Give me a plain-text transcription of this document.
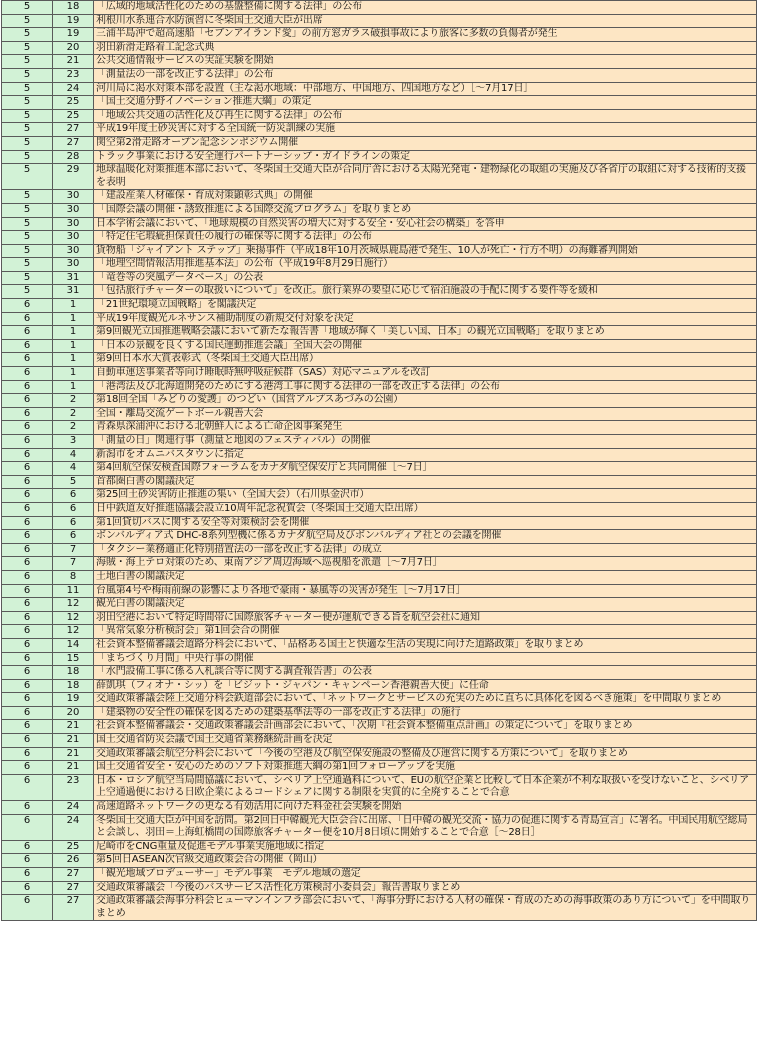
5	18	「広域的地域活性化のための基盤整備に関する法律」の公布
5	19	利根川水系連合水防演習に冬柴国土交通大臣が出席
5	19	三浦半島沖で超高速船「セブンアイランド愛」の前方窓ガラス破損事故により旅客に多数の負傷者が発生
5	20	羽田新滑走路着工記念式典
5	21	公共交通情報サービスの実証実験を開始
5	23	「測量法の一部を改正する法律」の公布
5	24	河川局に渇水対策本部を設置（主な渇水地域：中部地方、中国地方、四国地方など）［～7月17日］
5	25	「国土交通分野イノベーション推進大綱」の策定
5	25	「地域公共交通の活性化及び再生に関する法律」の公布
5	27	平成19年度土砂災害に対する全国統一防災訓練の実施
5	27	関空第2滑走路オープン記念シンポジウム開催
5	28	トラック事業における安全運行パートナーシップ・ガイドラインの策定
5	29	地球温暖化対策推進本部において、冬柴国土交通大臣が合同庁舎における太陽光発電・建物緑化の取組の実施及び各省庁の取組に対する技術的支援を表明
5	30	「建設産業人材確保・育成対策顕彰式典」の開催
5	30	「国際会議の開催・誘致推進による国際交流プログラム」を取りまとめ
5	30	日本学術会議において、「地球規模の自然災害の増大に対する安全・安心社会の構築」を答申
5	30	「特定住宅瑕疵担保責任の履行の確保等に関する法律」の公布
5	30	貨物船「ジャイアント ステップ」乗揚事件（平成18年10月茨城県鹿島港で発生、10人が死亡・行方不明）の海難審判開始
5	30	「地理空間情報活用推進基本法」の公布（平成19年8月29日施行）
5	31	「竜巻等の突風データベース」の公表
5	31	「包括旅行チャーターの取扱いについて」を改正。旅行業界の要望に応じて宿泊施設の手配に関する要件等を緩和
6	1	「21世紀環境立国戦略」を閣議決定
6	1	平成19年度観光ルネサンス補助制度の新規交付対象を決定
6	1	第9回観光立国推進戦略会議において新たな報告書「地域が輝く「美しい国、日本」の観光立国戦略」を取りまとめ
6	1	「日本の景観を良くする国民運動推進会議」全国大会の開催
6	1	第9回日本水大賞表彰式（冬柴国土交通大臣出席）
6	1	自動車運送事業者等向け睡眠時無呼吸症候群（SAS）対応マニュアルを改訂
6	1	「港湾法及び北海道開発のためにする港湾工事に関する法律の一部を改正する法律」の公布
6	2	第18回全国「みどりの愛護」のつどい（国営アルプスあづみの公園）
6	2	全国・離島交流ゲートボール親善大会
6	2	青森県深浦沖における北朝鮮人による亡命企図事案発生
6	3	「測量の日」関連行事（測量と地図のフェスティバル）の開催
6	4	新潟市をオムニバスタウンに指定
6	4	第4回航空保安検査国際フォーラムをカナダ航空保安庁と共同開催［～7日］
6	5	首都圏白書の閣議決定
6	6	第25回土砂災害防止推進の集い（全国大会）（石川県金沢市）
6	6	日中鉄道友好推進協議会設立10周年記念祝賀会（冬柴国土交通大臣出席）
6	6	第1回貸切バスに関する安全等対策検討会を開催
6	6	ボンバルディア式 DHC-8系列型機に係るカナダ航空局及びボンバルディア社との会議を開催
6	7	「タクシー業務適正化特別措置法の一部を改正する法律」の成立
6	7	海賊・海上テロ対策のため、東南アジア周辺海域へ巡視船を派遣［～7月7日］
6	8	土地白書の閣議決定
6	11	台風第4号や梅雨前線の影響により各地で豪雨・暴風等の災害が発生［～7月17日］
6	12	観光白書の閣議決定
6	12	羽田空港において特定時間帯に国際旅客チャーター便が運航できる旨を航空会社に通知
6	12	「異常気象分析検討会」第1回会合の開催
6	14	社会資本整備審議会道路分科会において、「品格ある国土と快適な生活の実現に向けた道路政策」を取りまとめ
6	15	「まちづくり月間」中央行事の開催
6	18	「水門設備工事に係る入札談合等に関する調査報告書」の公表
6	18	薛凱琪（フィオナ・シッ）を「ビジット・ジャパン・キャンペーン香港親善大使」に任命
6	19	交通政策審議会陸上交通分科会鉄道部会において、「ネットワークとサービスの充実のために直ちに具体化を図るべき施策」を中間取りまとめ
6	20	「建築物の安全性の確保を図るための建築基準法等の一部を改正する法律」の施行
6	21	社会資本整備審議会・交通政策審議会計画部会において、「次期『社会資本整備重点計画』の策定について」を取りまとめ
6	21	国土交通省防災会議で国土交通省業務継続計画を決定
6	21	交通政策審議会航空分科会において「今後の空港及び航空保安施設の整備及び運営に関する方策について」を取りまとめ
6	21	国土交通省安全・安心のためのソフト対策推進大綱の第1回フォローアップを実施
6	23	日本・ロシア航空当局間協議において、シベリア上空通過料について、EUの航空企業と比較して日本企業が不利な取扱いを受けないこと、シベリア上空通過便における日欧企業によるコードシェアに関する制限を実質的に全廃することで合意
6	24	高速道路ネットワークの更なる有効活用に向けた料金社会実験を開始
6	24	冬柴国土交通大臣が中国を訪問。第2回日中韓観光大臣会合に出席、「日中韓の観光交流・協力の促進に関する青島宣言」に署名。中国民用航空総局と会談し、羽田＝上海虹橋間の国際旅客チャーター便を10月8日頃に開始することで合意［～28日］
6	25	尼崎市をCNG重量及促進モデル事業実施地域に指定
6	26	第5回日ASEAN次官級交通政策会合の開催（岡山）
6	27	「観光地域プロデューサー」モデル事業　モデル地域の選定
6	27	交通政策審議会「今後のバスサービス活性化方策検討小委員会」報告書取りまとめ
6	27	交通政策審議会海事分科会ヒューマンインフラ部会において、「海事分野における人材の確保・育成のための海事政策のあり方について」を中間取りまとめ
